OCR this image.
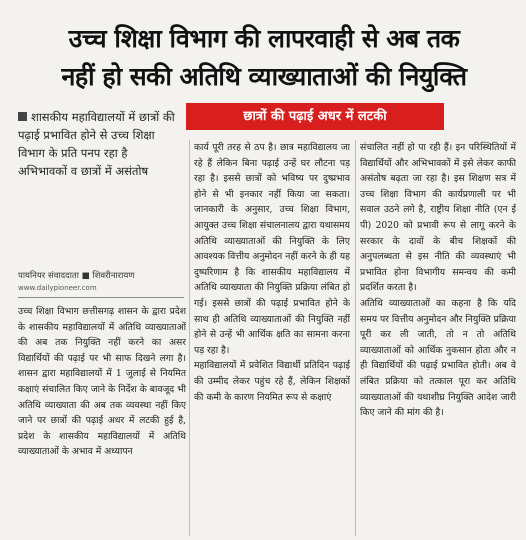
उच्च शिक्षा विभाग की लापरवाही से अब तक
नहीं हो सकी अतिथि व्याख्याताओं की नियुक्ति
छात्रों की पढ़ाई अधर में लटकी
शासकीय महाविद्यालयों में छात्रों की पढ़ाई प्रभावित होने से उच्च शिक्षा विभाग के प्रति पनप रहा है अभिभावकों व छात्रों में असंतोष
पायनियर संवाददाता ■ शिवरीनारायण
www.dailypioneer.com

उच्च शिक्षा विभाग छत्तीसगढ़ शासन के द्वारा प्रदेश के शासकीय महाविद्यालयों में अतिथि व्याख्याताओं की अब तक नियुक्ति नहीं करने का असर विद्यार्थियों की पढ़ाई पर भी साफ दिखने लगा है। शासन द्वारा महाविद्यालयों में 1 जुलाई से नियमित कक्षाएं संचालित किए जाने के निर्देश के बावजूद भी अतिथि व्याख्याता की अब तक व्यवस्था नहीं किए जाने पर छात्रों की पढ़ाई अधर में लटकी हुई है, प्रदेश के शासकीय महाविद्यालयों में अतिथि व्याख्याताओं के अभाव में अध्यापन

कार्य पूरी तरह से ठप है। छात्र महाविद्यालय जा रहे हैं लेकिन बिना पढ़ाई उन्हें घर लौटना पड़ रहा है। इससे छात्रों को भविष्य पर दुष्प्रभाव होने से भी इनकार नहीं किया जा सकता। जानकारी के अनुसार, उच्च शिक्षा विभाग, आयुक्त उच्च शिक्षा संचालनालय द्वारा यथासमय अतिथि व्याख्याताओं की नियुक्ति के लिए आवश्यक वित्तीय अनुमोदन नहीं करने के ही यह दुष्परिणाम है कि शासकीय महाविद्यालय में अतिथि व्याख्याता की नियुक्ति प्रक्रिया लंबित हो गई। इससे छात्रों की पढ़ाई प्रभावित होने के साथ ही अतिथि व्याख्याताओं की नियुक्ति नहीं होने से उन्हें भी आर्थिक क्षति का सामना करना पड़ रहा है।

महाविद्यालयों में प्रवेशित विद्यार्थी प्रतिदिन पढ़ाई की उम्मीद लेकर पहुंच रहे हैं, लेकिन शिक्षकों की कमी के कारण नियमित रूप से कक्षाएं

संचालित नहीं हो पा रही हैं। इन परिस्थितियों में विद्यार्थियों और अभिभावकों में इसे लेकर काफी असंतोष बढ़ता जा रहा है। इस शिक्षण सत्र में उच्च शिक्षा विभाग की कार्यप्रणाली पर भी सवाल उठने लगे है, राष्ट्रीय शिक्षा नीति (एन ई पी) 2020 को प्रभावी रूप से लागू करने के सरकार के दावों के बीच शिक्षकों की अनुपलब्धता से इस नीति की व्यवस्थाएं भी प्रभावित होना विभागीय समन्वय की कमी प्रदर्शित करता है।

अतिथि व्याख्याताओं का कहना है कि यदि समय पर वित्तीय अनुमोदन और नियुक्ति प्रक्रिया पूरी कर ली जाती, तो न तो अतिथि व्याख्याताओं को आर्थिक नुकसान होता और न ही विद्यार्थियों की पढ़ाई प्रभावित होती। अब वे लंबित प्रक्रिया को तत्काल पूरा कर अतिथि व्याख्याताओं की यथाशीघ्र नियुक्ति आदेश जारी किए जाने की मांग की है।
